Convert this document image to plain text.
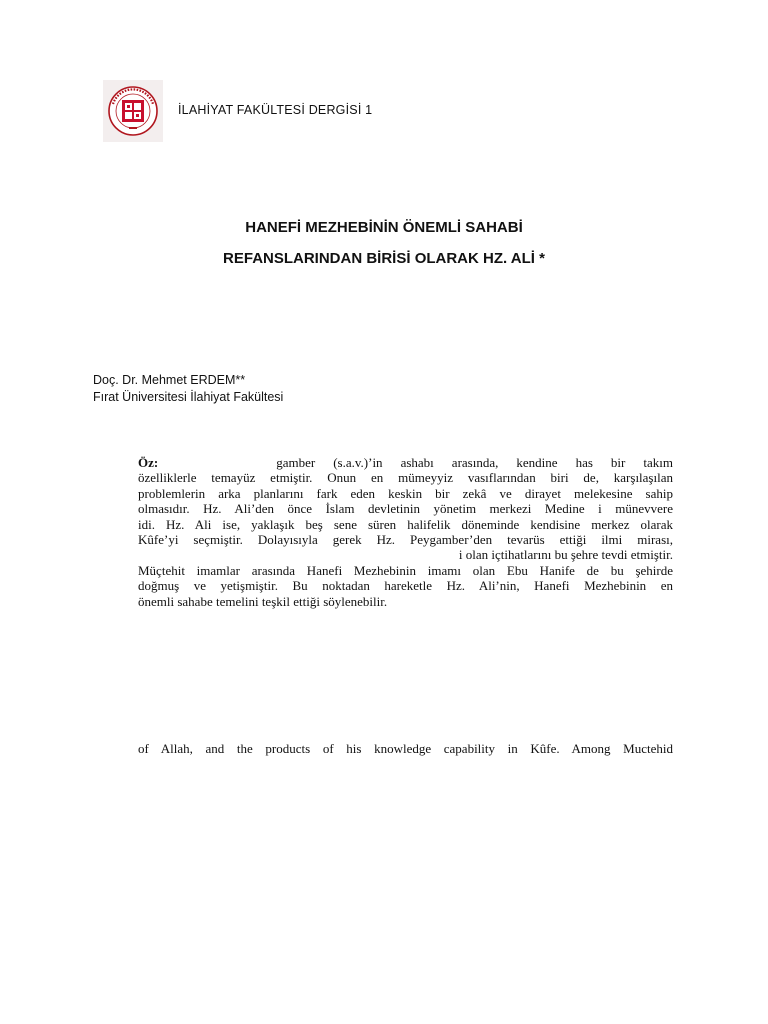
İLAHİYAT FAKÜLTESİ DERGİSİ 1
HANEFİ MEZHEBİNİN ÖNEMLİ SAHABİ
REFANSLARINDAN BİRİSİ OLARAK HZ. ALİ *
Doç. Dr. Mehmet ERDEM**
Fırat Üniversitesi İlahiyat Fakültesi
Öz:	gamber (s.a.v.)’in ashabı arasında, kendine has bir takım
özelliklerle temayüz etmiştir. Onun en mümeyyiz vasıflarından biri de, karşılaşılan
problemlerin arka planlarını fark eden keskin bir zekâ ve dirayet melekesine sahip
olmasıdır. Hz. Ali’den önce İslam devletinin yönetim merkezi Medine i münevvere
idi. Hz. Ali ise, yaklaşık beş sene süren halifelik döneminde kendisine merkez olarak
Kûfe’yi seçmiştir. Dolayısıyla gerek Hz. Peygamber’den tevarüs ettiği ilmi mirası,
i olan içtihatlarını bu şehre tevdi etmiştir.
Müçtehit imamlar arasında Hanefi Mezhebinin imamı olan Ebu Hanife de bu şehirde
doğmuş ve yetişmiştir. Bu noktadan hareketle Hz. Ali’nin, Hanefi Mezhebinin en
önemli sahabe temelini teşkil ettiği söylenebilir.
of Allah, and the products of his knowledge capability in Kûfe. Among Muctehid
